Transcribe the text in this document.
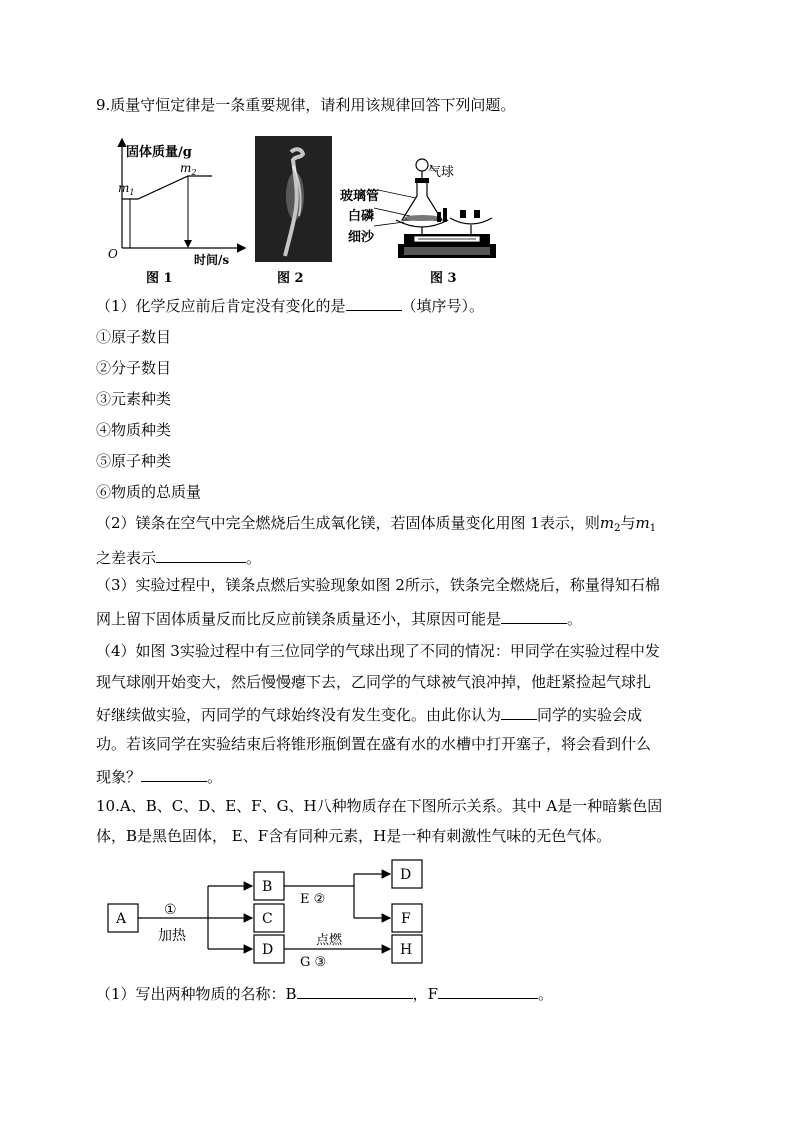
9.质量守恒定律是一条重要规律，请利用该规律回答下列问题。
固体质量/g
时间/s
O
$m_1$
$m_2$
图 1	图 2
气球
玻璃管
白磷
细沙
图 3
（1）化学反应前后肯定没有变化的是	（填序号）。
①原子数目
②分子数目
③元素种类
④物质种类
⑤原子种类
⑥物质的总质量
（2）镁条在空气中完全燃烧后生成氧化镁，若固体质量变化用图 1表示，则$m_2$与$m_1$
之差表示	。
（3）实验过程中，镁条点燃后实验现象如图 2所示，铁条完全燃烧后，称量得知石棉
网上留下固体质量反而比反应前镁条质量还小，其原因可能是	。
（4）如图 3实验过程中有三位同学的气球出现了不同的情况：甲同学在实验过程中发
现气球刚开始变大，然后慢慢瘪下去，乙同学的气球被气浪冲掉，他赶紧捡起气球扎
好继续做实验，丙同学的气球始终没有发生变化。由此你认为 同学的实验会成
功。若该同学在实验结束后将锥形瓶倒置在盛有水的水槽中打开塞子，将会看到什么
现象？	。
10.A、B、C、D、E、F、G、H八种物质存在下图所示关系。其中 A是一种暗紫色固
体，B是黑色固体， E、F含有同种元素，H是一种有刺激性气味的无色气体。
A
B
C
D
D
F
H
①
加热
E ②
点燃
G ③
（1）写出两种物质的名称：B	，F	。
